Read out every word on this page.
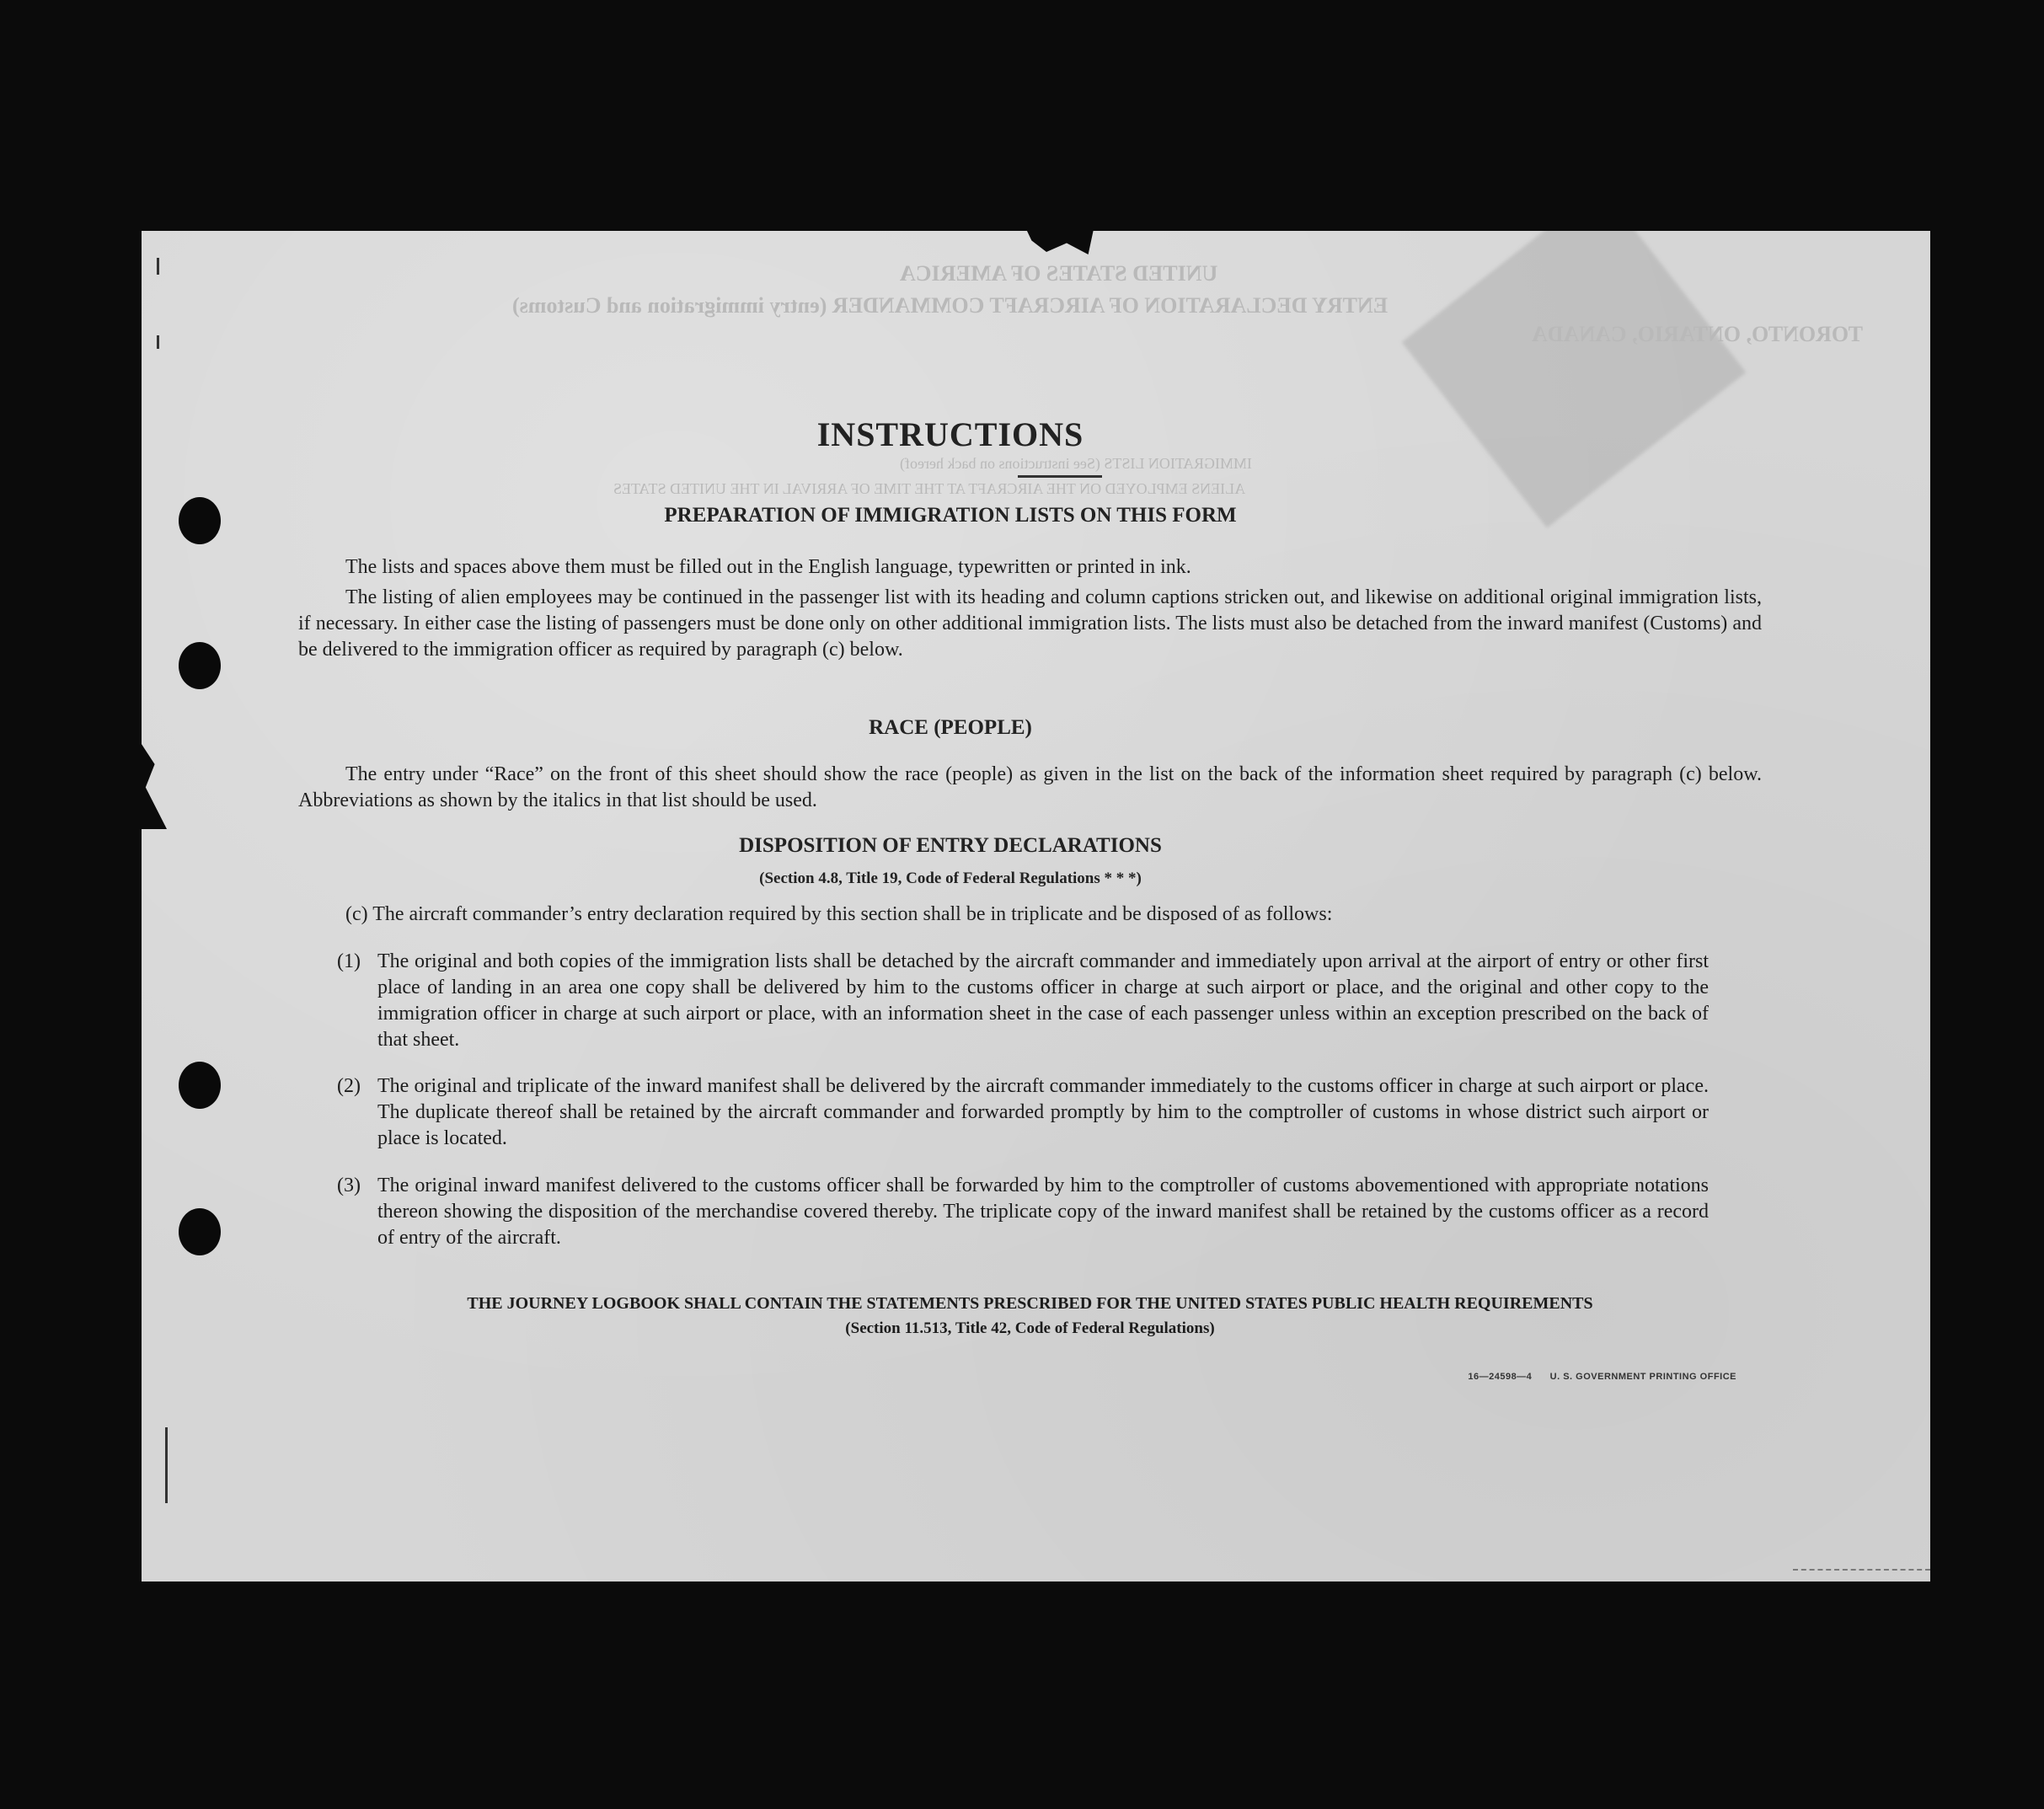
UNITED STATES OF AMERICA
ENTRY DECLARATION OF AIRCRAFT COMMANDER (entry immigration and Customs)
TORONTO, ONTARIO, CANADA
IMMIGRATION LISTS (See instructions on back hereof)
ALIENS EMPLOYED ON THE AIRCRAFT AT THE TIME OF ARRIVAL IN THE UNITED STATES
INSTRUCTIONS
PREPARATION OF IMMIGRATION LISTS ON THIS FORM
The lists and spaces above them must be filled out in the English language, typewritten or printed in ink.
The listing of alien employees may be continued in the passenger list with its heading and column captions stricken out, and likewise on additional original immigration lists, if necessary. In either case the listing of passengers must be done only on other additional immigration lists. The lists must also be detached from the inward manifest (Customs) and be delivered to the immigration officer as required by paragraph (c) below.
RACE (PEOPLE)
The entry under “Race” on the front of this sheet should show the race (people) as given in the list on the back of the information sheet required by paragraph (c) below. Abbreviations as shown by the italics in that list should be used.
DISPOSITION OF ENTRY DECLARATIONS
(Section 4.8, Title 19, Code of Federal Regulations * * *)
(c) The aircraft commander’s entry declaration required by this section shall be in triplicate and be disposed of as follows:
(1) The original and both copies of the immigration lists shall be detached by the aircraft commander and immediately upon arrival at the airport of entry or other first place of landing in an area one copy shall be delivered by him to the customs officer in charge at such airport or place, and the original and other copy to the immigration officer in charge at such airport or place, with an information sheet in the case of each passenger unless within an exception prescribed on the back of that sheet.
(2) The original and triplicate of the inward manifest shall be delivered by the aircraft commander immediately to the customs officer in charge at such airport or place. The duplicate thereof shall be retained by the aircraft commander and forwarded promptly by him to the comptroller of customs in whose district such airport or place is located.
(3) The original inward manifest delivered to the customs officer shall be forwarded by him to the comptroller of customs abovementioned with appropriate notations thereon showing the disposition of the merchandise covered thereby. The triplicate copy of the inward manifest shall be retained by the customs officer as a record of entry of the aircraft.
THE JOURNEY LOGBOOK SHALL CONTAIN THE STATEMENTS PRESCRIBED FOR THE UNITED STATES PUBLIC HEALTH REQUIREMENTS
(Section 11.513, Title 42, Code of Federal Regulations)
16—24598—4 U. S. GOVERNMENT PRINTING OFFICE
